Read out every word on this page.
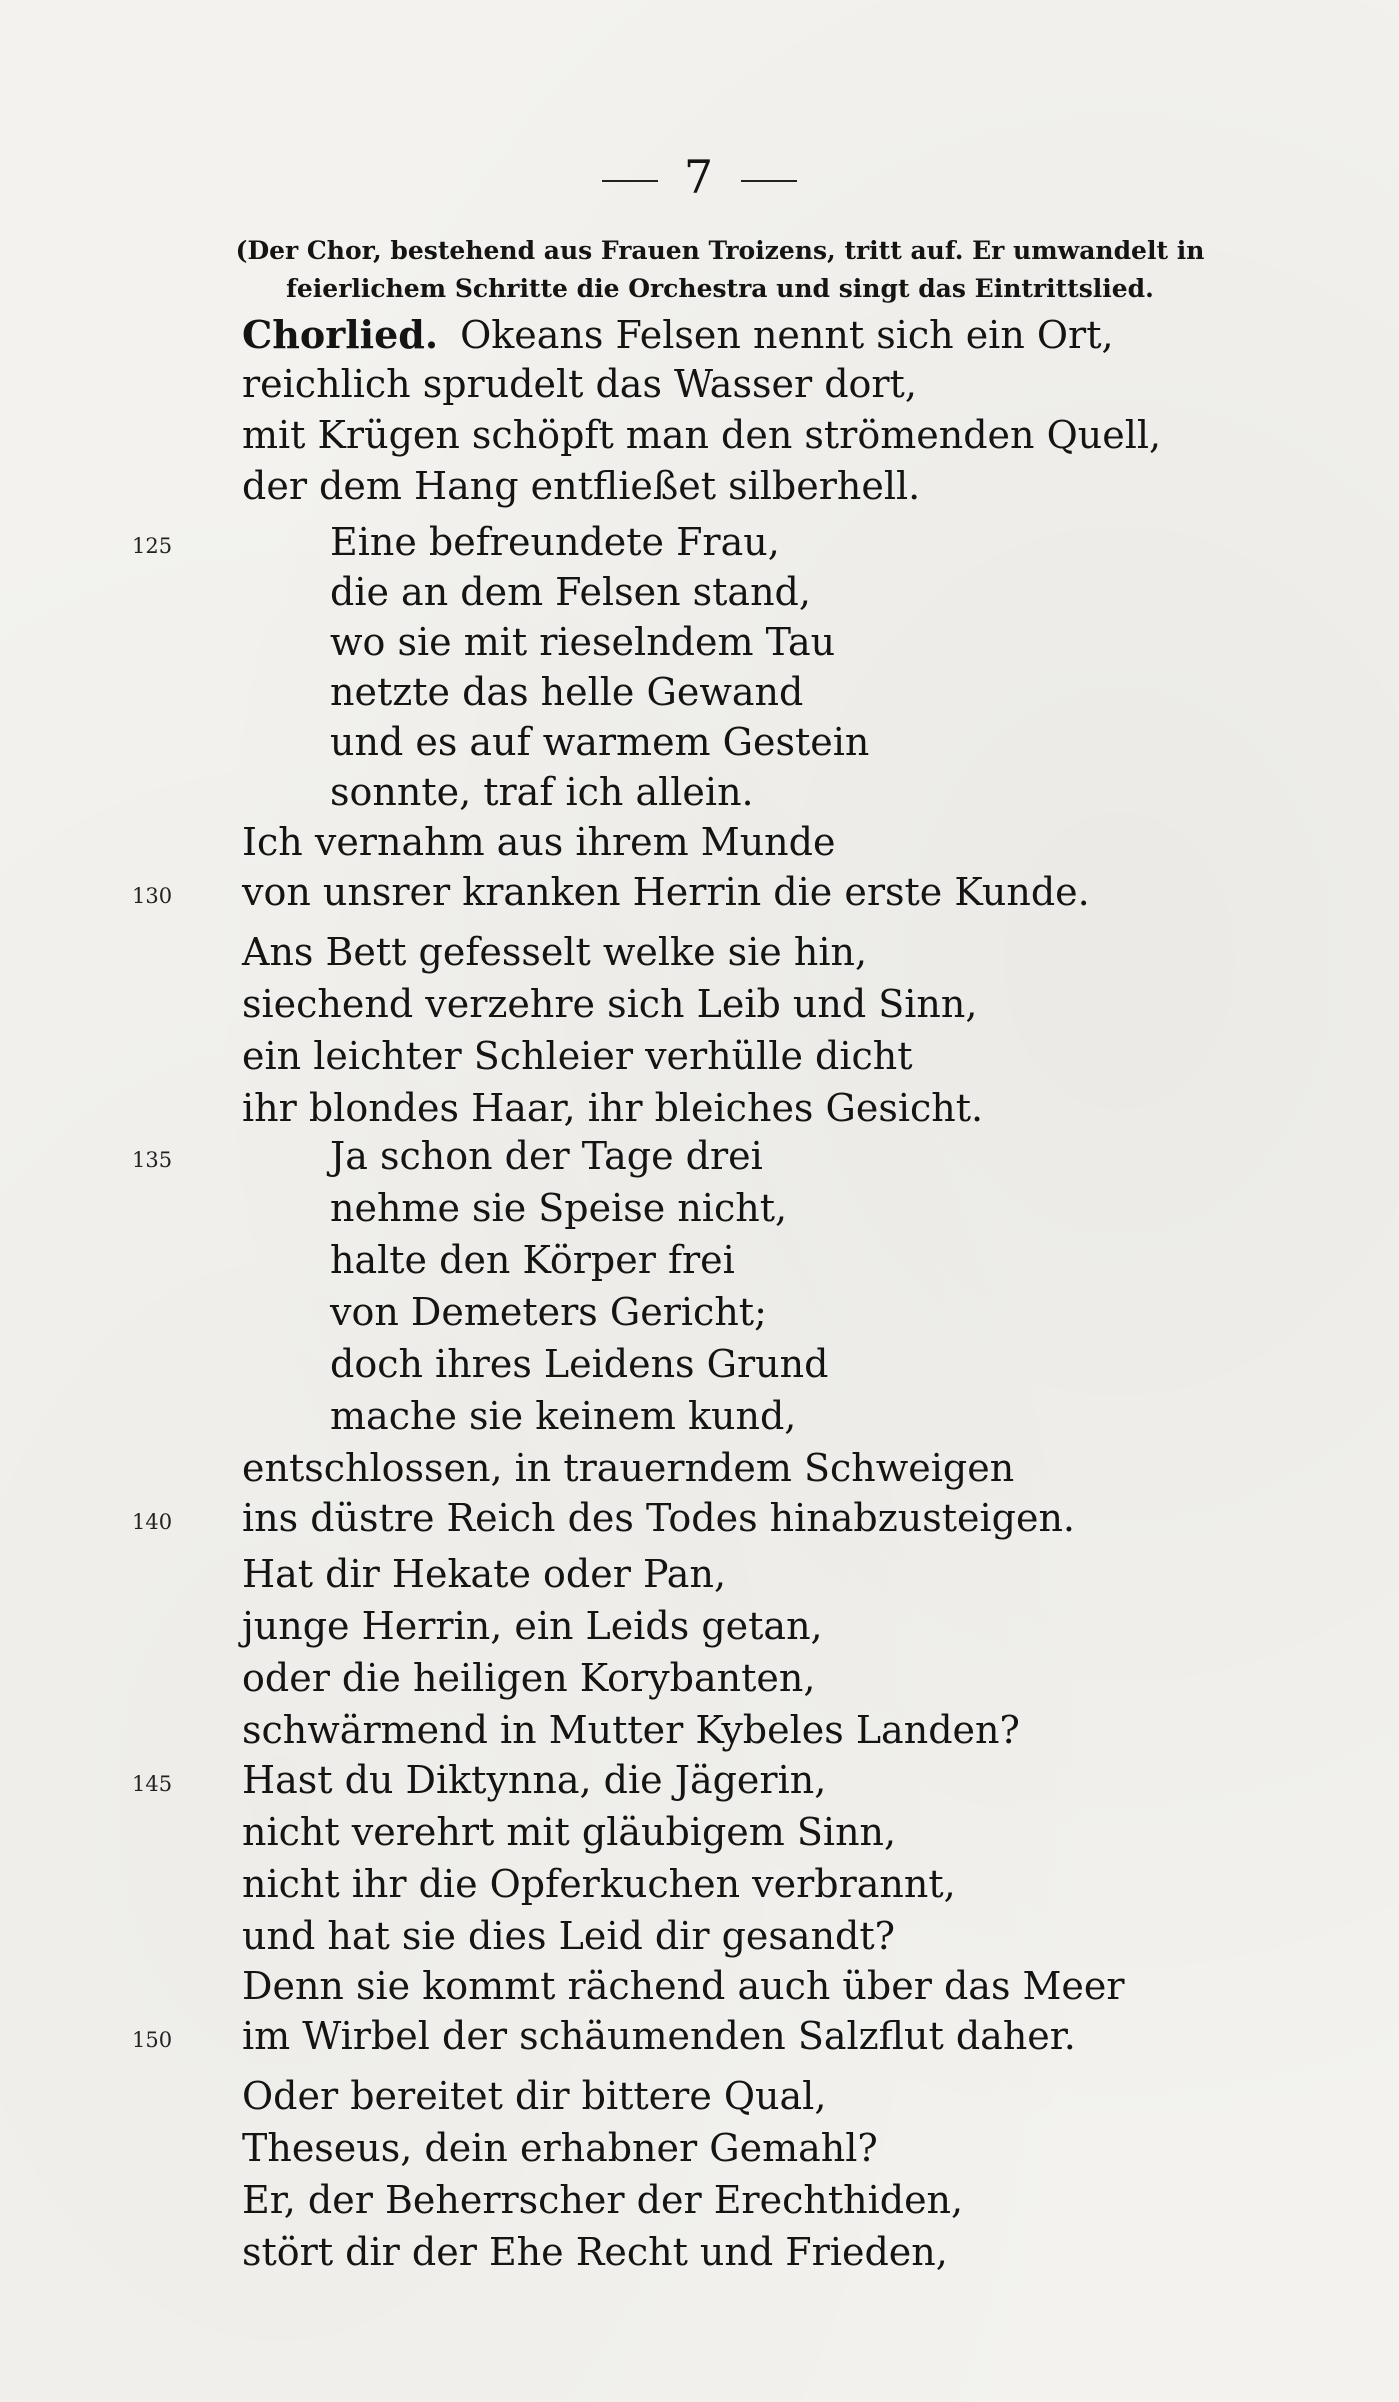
7
(Der Chor, bestehend aus Frauen Troizens, tritt auf. Er umwandelt in feierlichem Schritte die Orchestra und singt das Eintrittslied.
Chorlied. Okeans Felsen nennt sich ein Ort,
reichlich sprudelt das Wasser dort,
mit Krügen schöpft man den strömenden Quell,
der dem Hang entfließet silberhell.
125	Eine befreundete Frau,
die an dem Felsen stand,
wo sie mit rieselndem Tau
netzte das helle Gewand
und es auf warmem Gestein
sonnte, traf ich allein.
Ich vernahm aus ihrem Munde
130 von unsrer kranken Herrin die erste Kunde.
Ans Bett gefesselt welke sie hin,
siechend verzehre sich Leib und Sinn,
ein leichter Schleier verhülle dicht
ihr blondes Haar, ihr bleiches Gesicht.
135	Ja schon der Tage drei
nehme sie Speise nicht,
halte den Körper frei
von Demeters Gericht;
doch ihres Leidens Grund
mache sie keinem kund,
entschlossen, in trauerndem Schweigen
140 ins düstre Reich des Todes hinabzusteigen.
Hat dir Hekate oder Pan,
junge Herrin, ein Leids getan,
oder die heiligen Korybanten,
schwärmend in Mutter Kybeles Landen?
145 Hast du Diktynna, die Jägerin,
nicht verehrt mit gläubigem Sinn,
nicht ihr die Opferkuchen verbrannt,
und hat sie dies Leid dir gesandt?
Denn sie kommt rächend auch über das Meer
150 im Wirbel der schäumenden Salzflut daher.
Oder bereitet dir bittere Qual,
Theseus, dein erhabner Gemahl?
Er, der Beherrscher der Erechthiden,
stört dir der Ehe Recht und Frieden,
